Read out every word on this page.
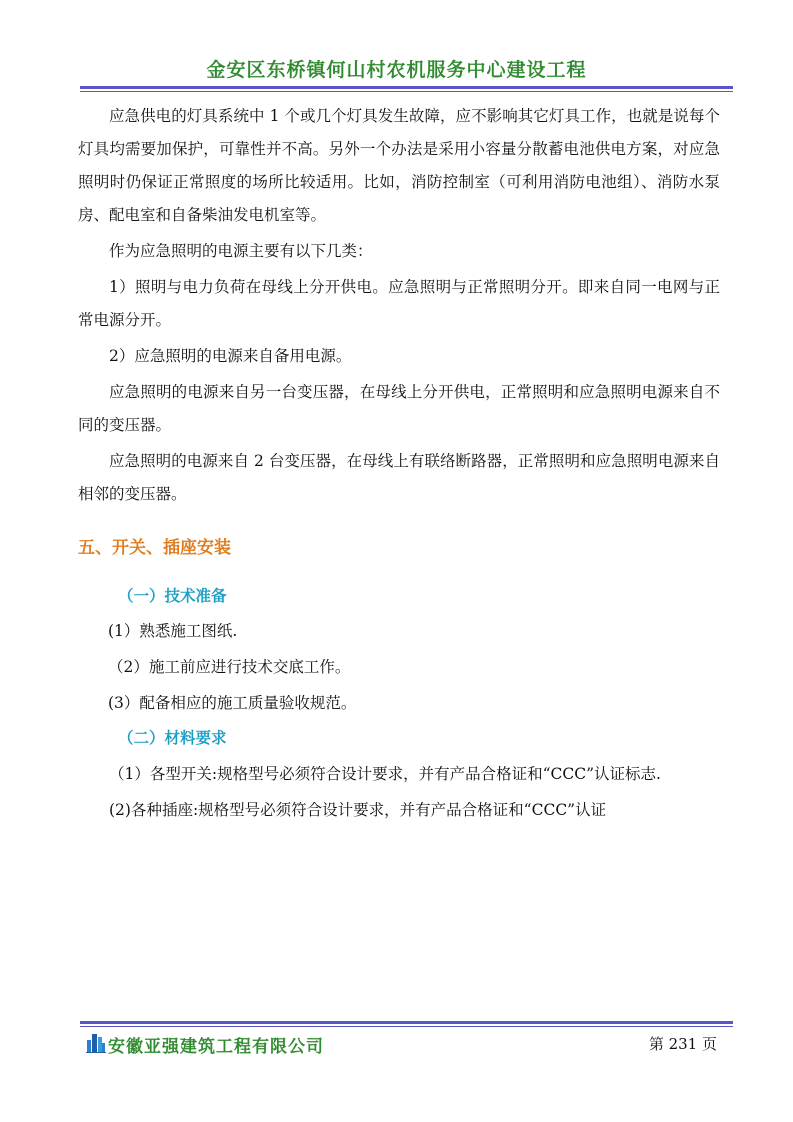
金安区东桥镇何山村农机服务中心建设工程

应急供电的灯具系统中 1 个或几个灯具发生故障，应不影响其它灯具工作，也就是说每个灯具均需要加保护，可靠性并不高。另外一个办法是采用小容量分散蓄电池供电方案，对应急照明时仍保证正常照度的场所比较适用。比如，消防控制室（可利用消防电池组）、消防水泵房、配电室和自备柴油发电机室等。

作为应急照明的电源主要有以下几类：

1）照明与电力负荷在母线上分开供电。应急照明与正常照明分开。即来自同一电网与正常电源分开。

2）应急照明的电源来自备用电源。

应急照明的电源来自另一台变压器，在母线上分开供电，正常照明和应急照明电源来自不同的变压器。

应急照明的电源来自 2 台变压器，在母线上有联络断路器，正常照明和应急照明电源来自相邻的变压器。

五、开关、插座安装
（一）技术准备

(1）熟悉施工图纸.

（2）施工前应进行技术交底工作。

(3）配备相应的施工质量验收规范。

（二）材料要求

（1）各型开关:规格型号必须符合设计要求，并有产品合格证和“CCC”认证标志.

(2)各种插座:规格型号必须符合设计要求，并有产品合格证和“CCC”认证

安徽亚强建筑工程有限公司	第 231 页
